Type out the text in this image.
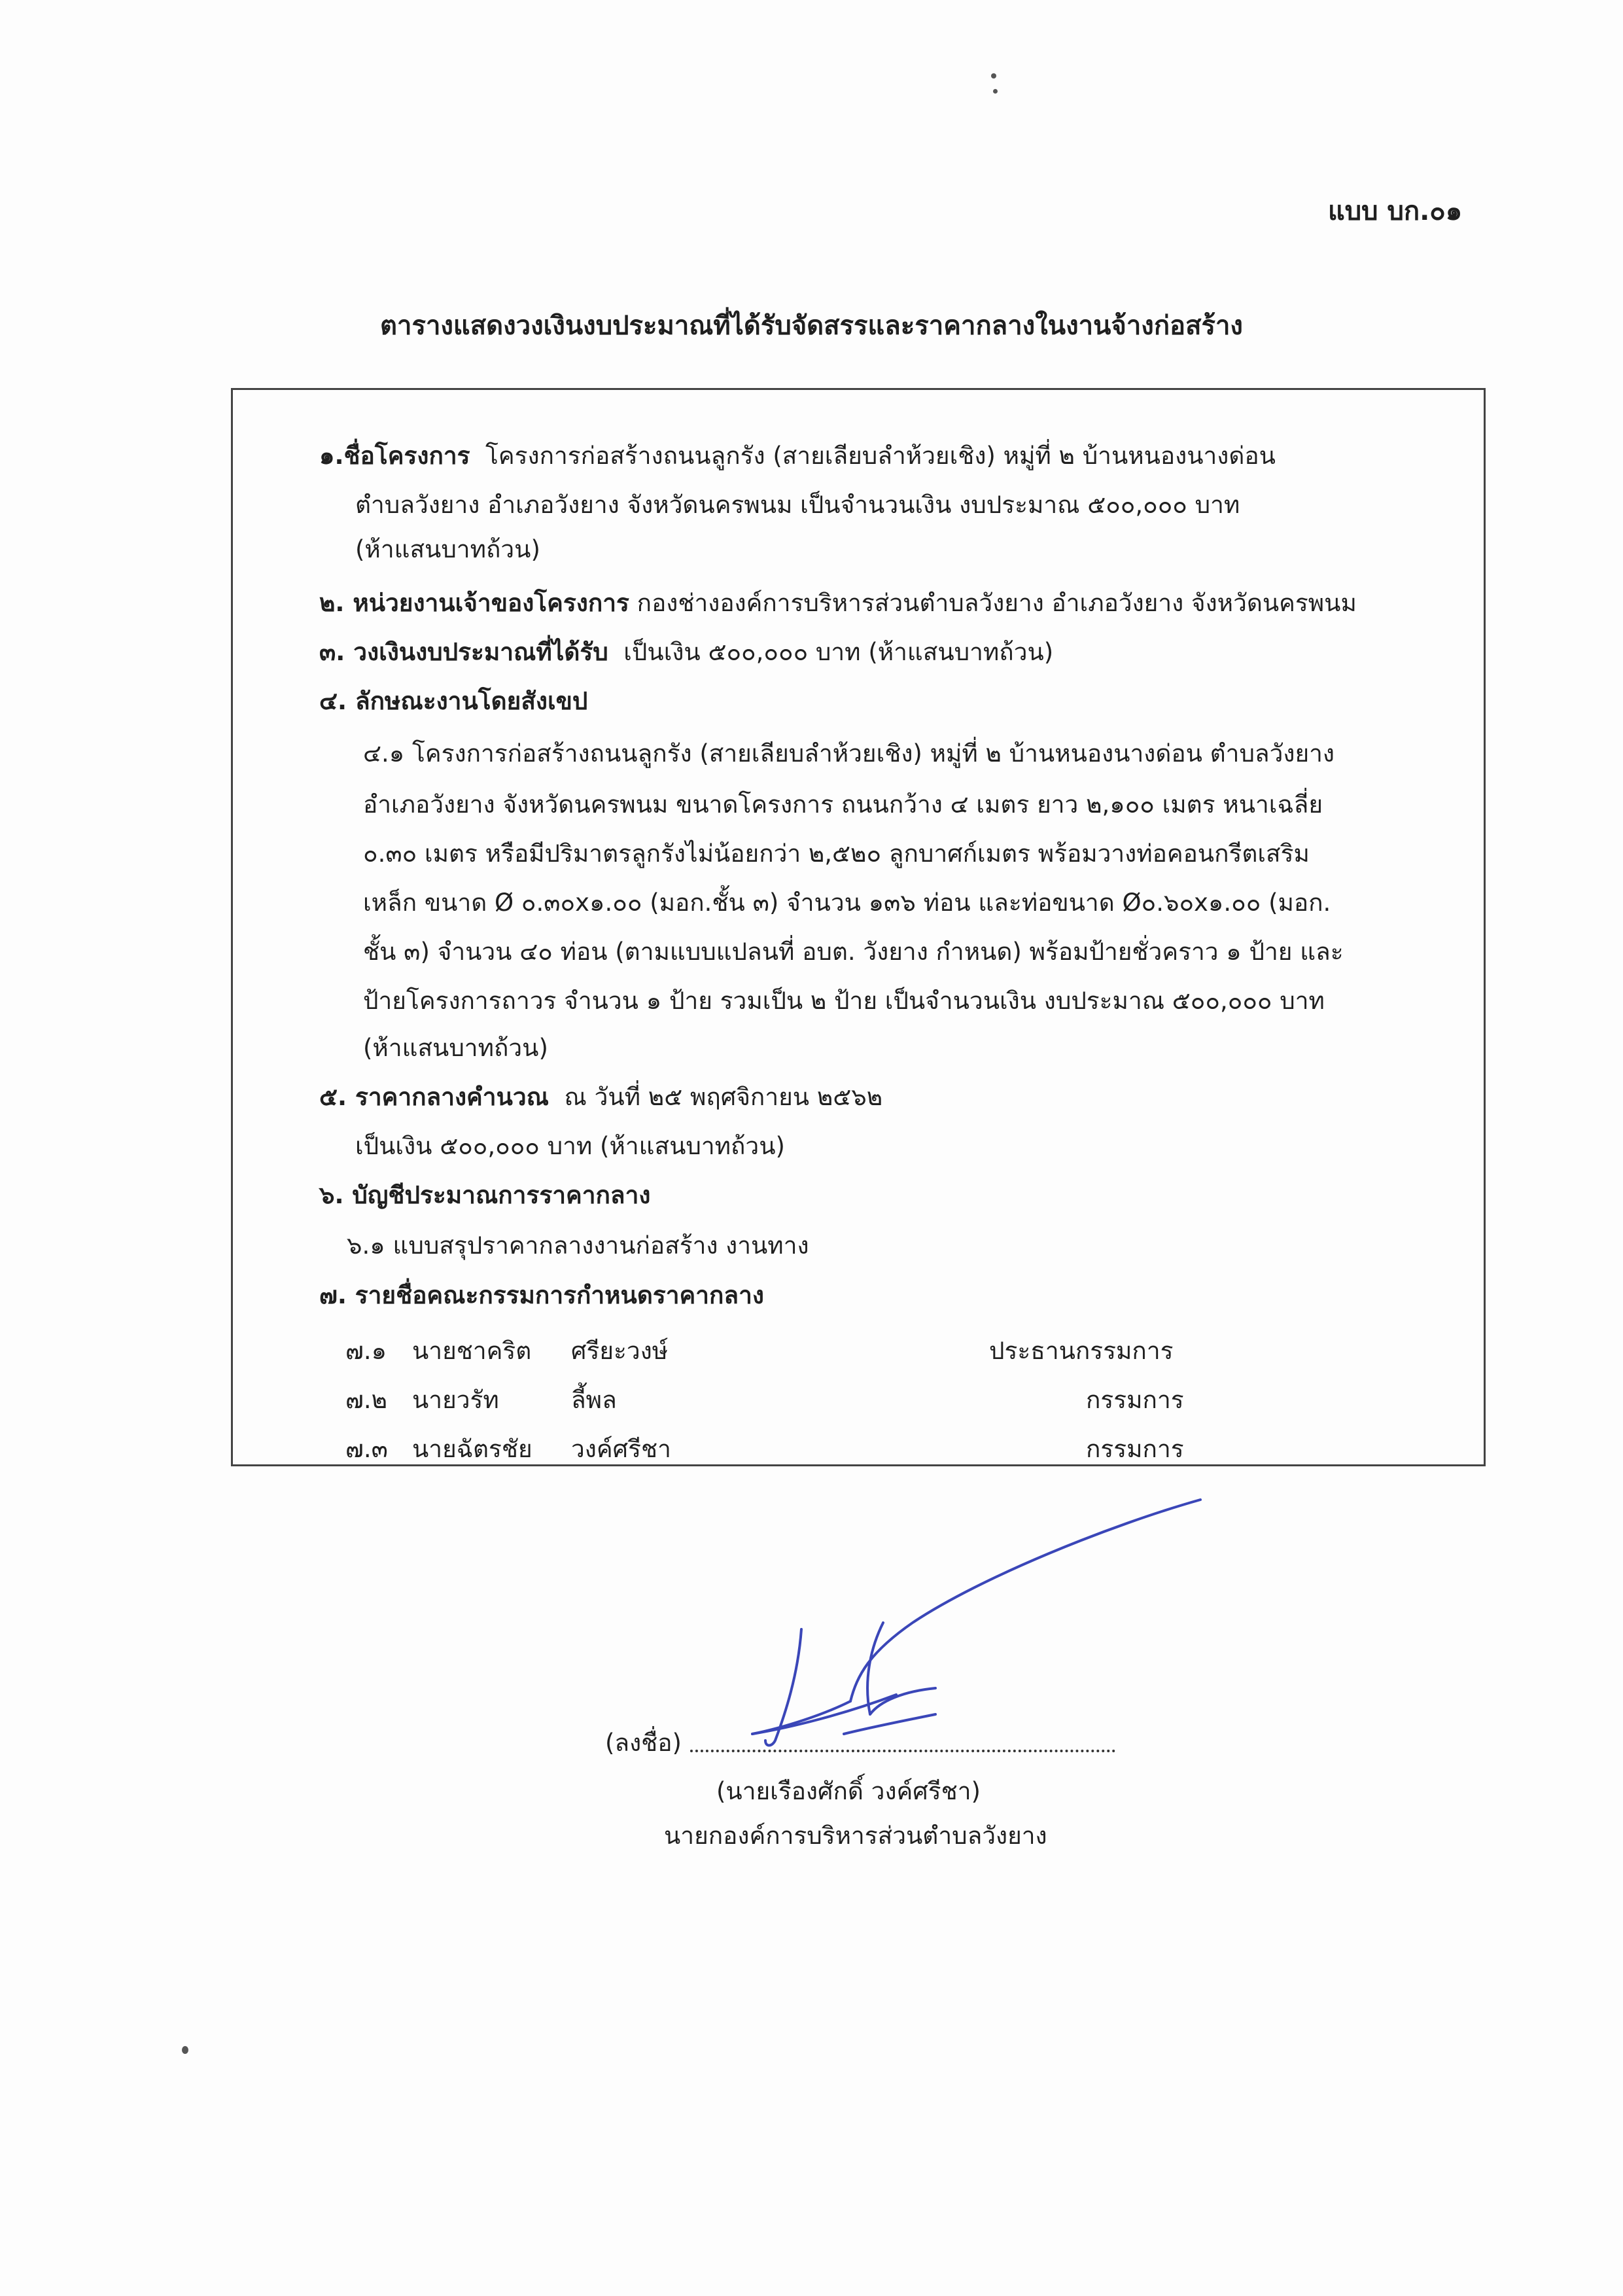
แบบ บก.๐๑
ตารางแสดงวงเงินงบประมาณที่ได้รับจัดสรรและราคากลางในงานจ้างก่อสร้าง
๑.ชื่อโครงการ โครงการก่อสร้างถนนลูกรัง (สายเลียบลำห้วยเชิง) หมู่ที่ ๒ บ้านหนองนางด่อน
ตำบลวังยาง อำเภอวังยาง จังหวัดนครพนม เป็นจำนวนเงิน งบประมาณ ๕๐๐,๐๐๐ บาท
(ห้าแสนบาทถ้วน)
๒. หน่วยงานเจ้าของโครงการ กองช่างองค์การบริหารส่วนตำบลวังยาง อำเภอวังยาง จังหวัดนครพนม
๓. วงเงินงบประมาณที่ได้รับ เป็นเงิน ๕๐๐,๐๐๐ บาท (ห้าแสนบาทถ้วน)
๔. ลักษณะงานโดยสังเขป
๔.๑ โครงการก่อสร้างถนนลูกรัง (สายเลียบลำห้วยเชิง) หมู่ที่ ๒ บ้านหนองนางด่อน ตำบลวังยาง
อำเภอวังยาง จังหวัดนครพนม ขนาดโครงการ ถนนกว้าง ๔ เมตร ยาว ๒,๑๐๐ เมตร หนาเฉลี่ย
๐.๓๐ เมตร หรือมีปริมาตรลูกรังไม่น้อยกว่า ๒,๕๒๐ ลูกบาศก์เมตร พร้อมวางท่อคอนกรีตเสริม
เหล็ก ขนาด Ø ๐.๓๐x๑.๐๐ (มอก.ชั้น ๓) จำนวน ๑๓๖ ท่อน และท่อขนาด Ø๐.๖๐x๑.๐๐ (มอก.
ชั้น ๓) จำนวน ๔๐ ท่อน (ตามแบบแปลนที่ อบต. วังยาง กำหนด) พร้อมป้ายชั่วคราว ๑ ป้าย และ
ป้ายโครงการถาวร จำนวน ๑ ป้าย รวมเป็น ๒ ป้าย เป็นจำนวนเงิน งบประมาณ ๕๐๐,๐๐๐ บาท
(ห้าแสนบาทถ้วน)
๕. ราคากลางคำนวณ ณ วันที่ ๒๕ พฤศจิกายน ๒๕๖๒
เป็นเงิน ๕๐๐,๐๐๐ บาท (ห้าแสนบาทถ้วน)
๖. บัญชีประมาณการราคากลาง
๖.๑ แบบสรุปราคากลางงานก่อสร้าง งานทาง
๗. รายชื่อคณะกรรมการกำหนดราคากลาง
๗.๑ นายชาคริต ศรียะวงษ์	ประธานกรรมการ
๗.๒ นายวรัท	ลี้พล	กรรมการ
๗.๓ นายฉัตรชัย วงค์ศรีชา	กรรมการ
(ลงชื่อ)
(นายเรืองศักดิ์ วงค์ศรีชา)
นายกองค์การบริหารส่วนตำบลวังยาง
